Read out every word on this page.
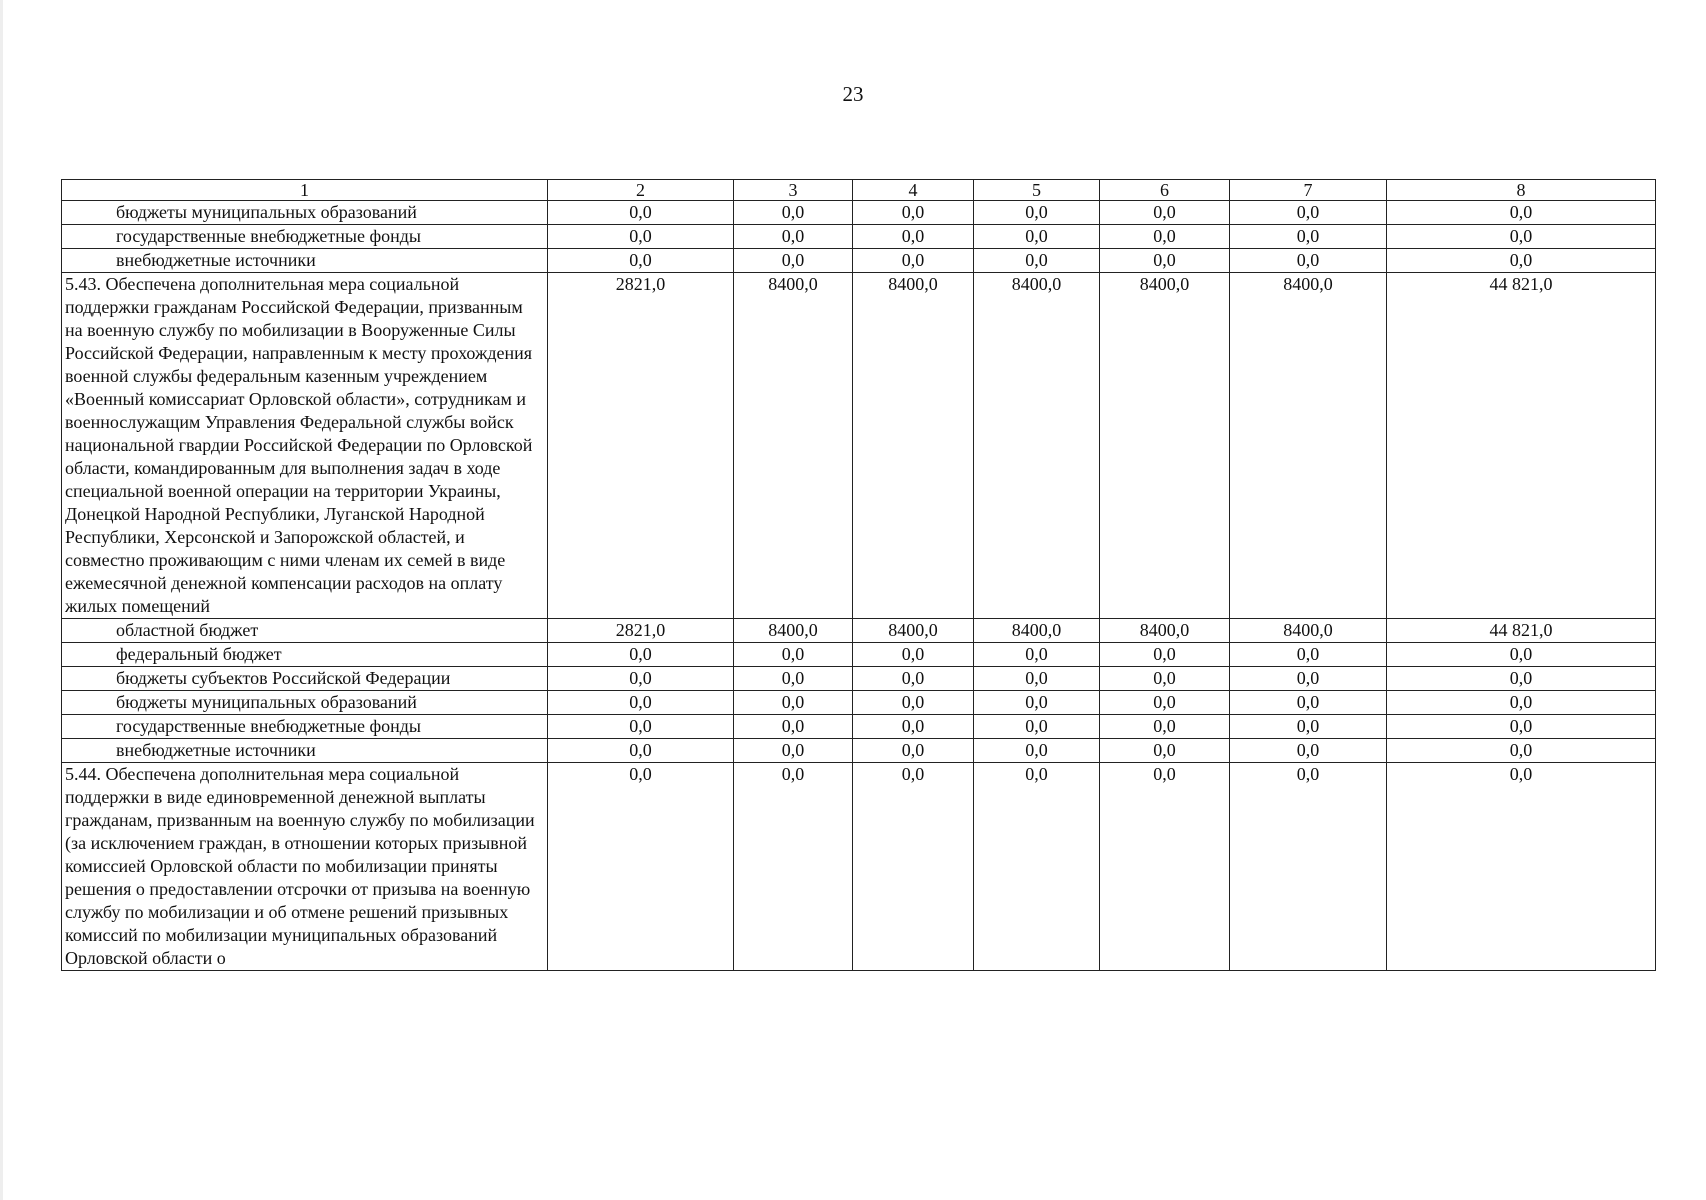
23
1	2	3	4	5	6	7	8
бюджеты муниципальных образований	0,0	0,0	0,0	0,0	0,0	0,0	0,0
государственные внебюджетные фонды	0,0	0,0	0,0	0,0	0,0	0,0	0,0
внебюджетные источники	0,0	0,0	0,0	0,0	0,0	0,0	0,0
5.43. Обеспечена дополнительная мера социальной поддержки гражданам Российской Федерации, призванным на военную службу по мобилизации в Вооруженные Силы Российской Федерации, направленным к месту прохождения военной службы федеральным казенным учреждением «Военный комиссариат Орловской области», сотрудникам и военнослужащим Управления Федеральной службы войск национальной гвардии Российской Федерации по Орловской области, командированным для выполнения задач в ходе специальной военной операции на территории Украины, Донецкой Народной Республики, Луганской Народной Республики, Херсонской и Запорожской областей, и совместно проживающим с ними членам их семей в виде ежемесячной денежной компенсации расходов на оплату жилых помещений	2821,0	8400,0	8400,0	8400,0	8400,0	8400,0	44 821,0
областной бюджет	2821,0	8400,0	8400,0	8400,0	8400,0	8400,0	44 821,0
федеральный бюджет	0,0	0,0	0,0	0,0	0,0	0,0	0,0
бюджеты субъектов Российской Федерации	0,0	0,0	0,0	0,0	0,0	0,0	0,0
бюджеты муниципальных образований	0,0	0,0	0,0	0,0	0,0	0,0	0,0
государственные внебюджетные фонды	0,0	0,0	0,0	0,0	0,0	0,0	0,0
внебюджетные источники	0,0	0,0	0,0	0,0	0,0	0,0	0,0
5.44. Обеспечена дополнительная мера социальной поддержки в виде единовременной денежной выплаты гражданам, призванным на военную службу по мобилизации (за исключением граждан, в отношении которых призывной комиссией Орловской области по мобилизации приняты решения о предоставлении отсрочки от призыва на военную службу по мобилизации и об отмене решений призывных комиссий по мобилизации муниципальных образований Орловской области о	0,0	0,0	0,0	0,0	0,0	0,0	0,0
